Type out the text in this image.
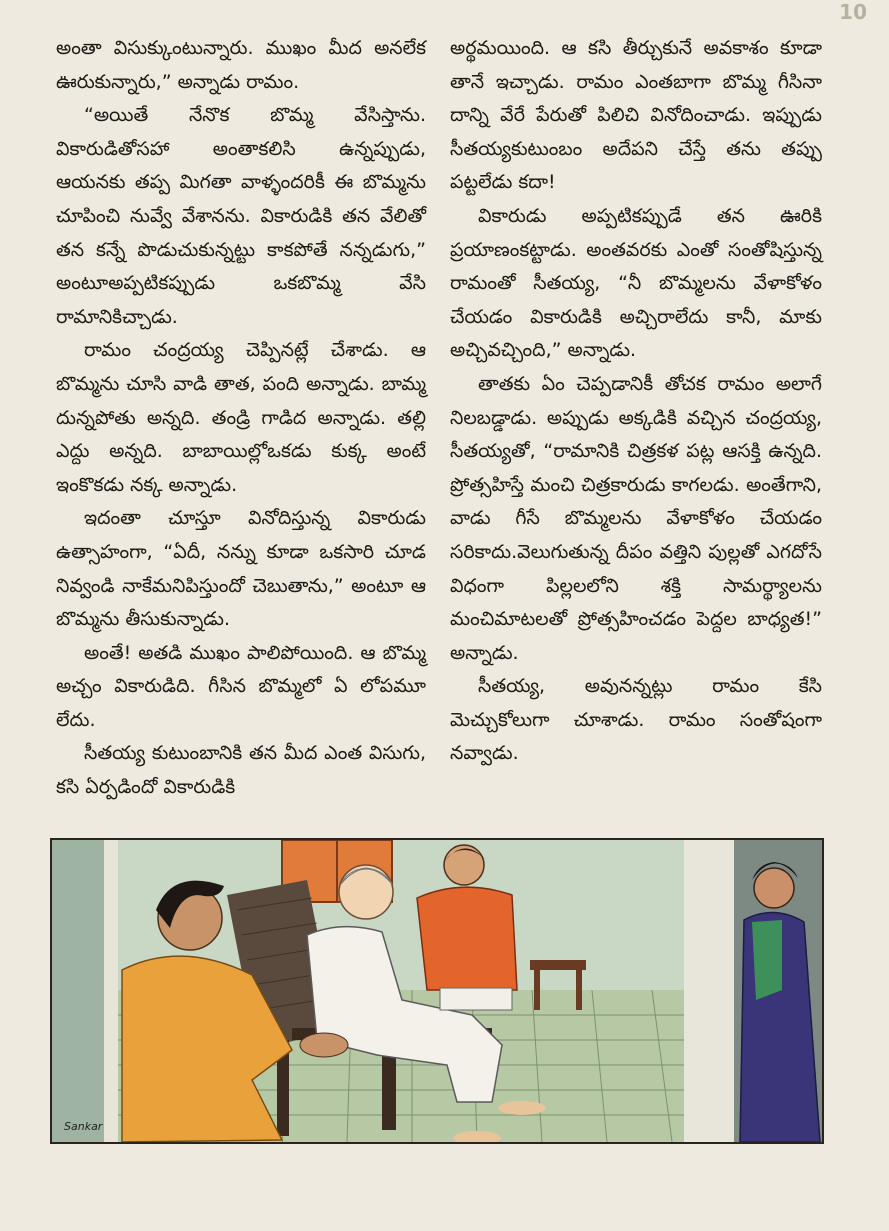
10

అంతా విసుక్కుంటున్నారు. ముఖం మీద అనలేక ఊరుకున్నారు,” అన్నాడు రామం.

“అయితే నేనొక బొమ్మ వేసిస్తాను. వికారుడితోసహా అంతాకలిసి ఉన్నప్పుడు, ఆయనకు తప్ప మిగతా వాళ్ళందరికీ ఈ బొమ్మను చూపించి నువ్వే వేశానను. వికారుడికి తన వేలితో తన కన్నే పొడుచుకున్నట్టు కాకపోతే నన్నడుగు,” అంటూఅప్పటికప్పుడు ఒకబొమ్మ వేసి రామానికిచ్చాడు.

రామం చంద్రయ్య చెప్పినట్లే చేశాడు. ఆ బొమ్మను చూసి వాడి తాత, పంది అన్నాడు. బామ్మ దున్నపోతు అన్నది. తండ్రి గాడిద అన్నాడు. తల్లి ఎద్దు అన్నది. బాబాయిల్లోఒకడు కుక్క అంటే ఇంకొకడు నక్క అన్నాడు.

ఇదంతా చూస్తూ వినోదిస్తున్న వికారుడు ఉత్సాహంగా, “ఏదీ, నన్ను కూడా ఒకసారి చూడ నివ్వండి నాకేమనిపిస్తుందో చెబుతాను,” అంటూ ఆ బొమ్మను తీసుకున్నాడు.

అంతే! అతడి ముఖం పాలిపోయింది. ఆ బొమ్మ అచ్చం వికారుడిది. గీసిన బొమ్మలో ఏ లోపమూ లేదు.

సీతయ్య కుటుంబానికి తన మీద ఎంత విసుగు, కసి ఏర్పడిందో వికారుడికి

అర్థమయింది. ఆ కసి తీర్చుకునే అవకాశం కూడా తానే ఇచ్చాడు. రామం ఎంతబాగా బొమ్మ గీసినా దాన్ని వేరే పేరుతో పిలిచి వినోదించాడు. ఇప్పుడు సీతయ్యకుటుంబం అదేపని చేస్తే తను తప్పు పట్టలేడు కదా!

వికారుడు అప్పటికప్పుడే తన ఊరికి ప్రయాణంకట్టాడు. అంతవరకు ఎంతో సంతోషిస్తున్న రామంతో సీతయ్య, “నీ బొమ్మలను వేళాకోళం చేయడం వికారుడికి అచ్చిరాలేదు కానీ, మాకు అచ్చివచ్చింది,” అన్నాడు.

తాతకు ఏం చెప్పడానికీ తోచక రామం అలాగే నిలబడ్డాడు. అప్పుడు అక్కడికి వచ్చిన చంద్రయ్య, సీతయ్యతో, “రామానికి చిత్రకళ పట్ల ఆసక్తి ఉన్నది. ప్రోత్సహిస్తే మంచి చిత్రకారుడు కాగలడు. అంతేగాని, వాడు గీసే బొమ్మలను వేళాకోళం చేయడం సరికాదు.వెలుగుతున్న దీపం వత్తిని పుల్లతో ఎగదోసే విధంగా పిల్లలలోని శక్తి సామర్థ్యాలను మంచిమాటలతో ప్రోత్సహించడం పెద్దల బాధ్యత!” అన్నాడు.

సీతయ్య, అవునన్నట్లు రామం కేసి మెచ్చుకోలుగా చూశాడు. రామం సంతోషంగా నవ్వాడు.

Sankar
